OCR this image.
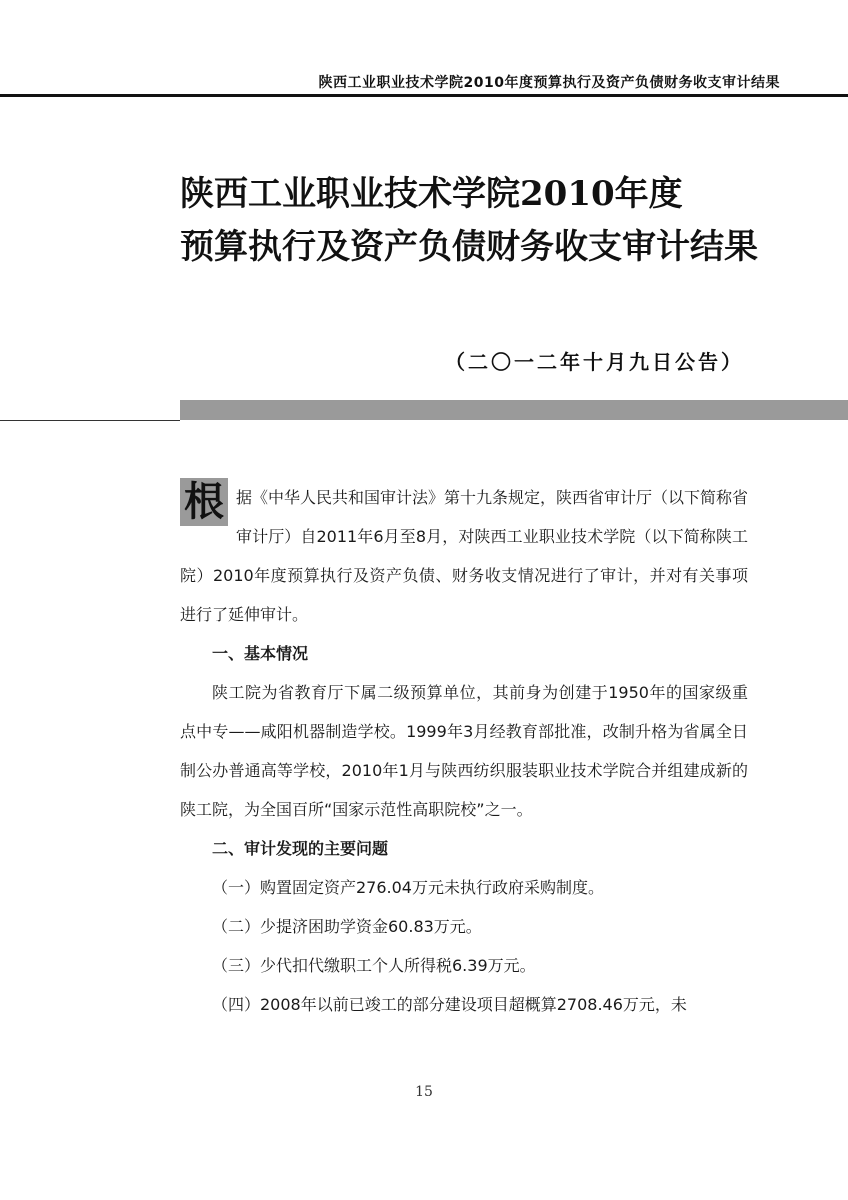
陕西工业职业技术学院2010年度预算执行及资产负债财务收支审计结果
陕西工业职业技术学院2010年度
预算执行及资产负债财务收支审计结果
（二〇一二年十月九日公告）
根 据《中华人民共和国审计法》第十九条规定，陕西省审计厅（以下简称省审计厅）自2011年6月至8月，对陕西工业职业技术学院（以下简称陕工院）2010年度预算执行及资产负债、财务收支情况进行了审计，并对有关事项进行了延伸审计。

一、基本情况

陕工院为省教育厅下属二级预算单位，其前身为创建于1950年的国家级重点中专——咸阳机器制造学校。1999年3月经教育部批准，改制升格为省属全日制公办普通高等学校，2010年1月与陕西纺织服装职业技术学院合并组建成新的陕工院，为全国百所“国家示范性高职院校”之一。

二、审计发现的主要问题

（一）购置固定资产276.04万元未执行政府采购制度。

（二）少提济困助学资金60.83万元。

（三）少代扣代缴职工个人所得税6.39万元。

（四）2008年以前已竣工的部分建设项目超概算2708.46万元，未

15
